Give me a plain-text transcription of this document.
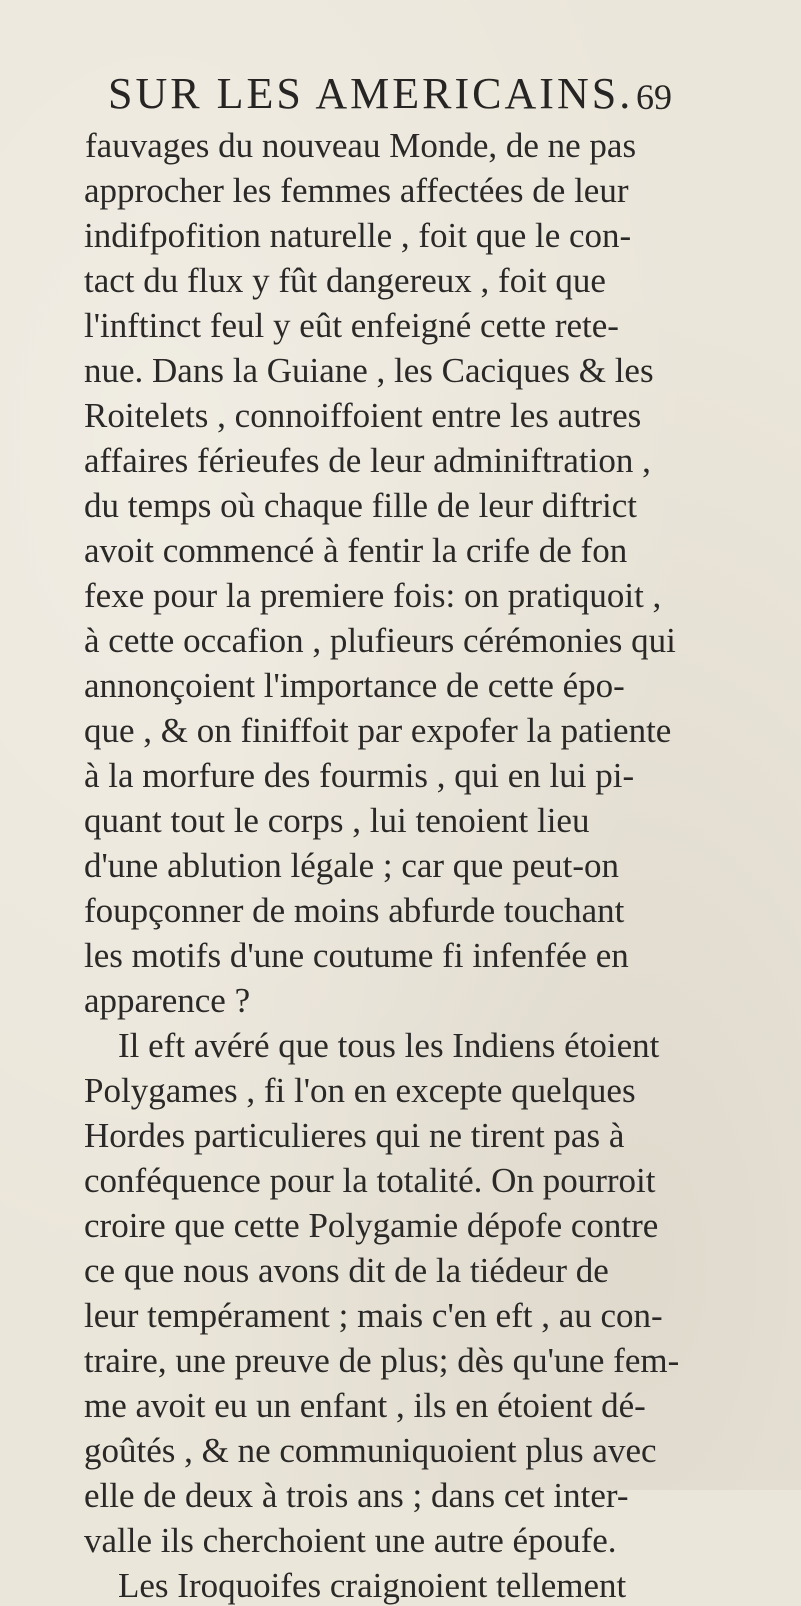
SUR LES AMERICAINS. 69
fauvages du nouveau Monde, de ne pas
approcher les femmes affectées de leur
indifpofition naturelle , foit que le con-
tact du flux y fût dangereux , foit que
l'inftinct feul y eût enfeigné cette rete-
nue. Dans la Guiane , les Caciques & les
Roitelets , connoiffoient entre les autres
affaires férieufes de leur adminiftration ,
du temps où chaque fille de leur diftrict
avoit commencé à fentir la crife de fon
fexe pour la premiere fois: on pratiquoit ,
à cette occafion , plufieurs cérémonies qui
annonçoient l'importance de cette épo-
que , & on finiffoit par expofer la patiente
à la morfure des fourmis , qui en lui pi-
quant tout le corps , lui tenoient lieu
d'une ablution légale ; car que peut-on
foupçonner de moins abfurde touchant
les motifs d'une coutume fi infenfée en
apparence ?
Il eft avéré que tous les Indiens étoient
Polygames , fi l'on en excepte quelques
Hordes particulieres qui ne tirent pas à
conféquence pour la totalité. On pourroit
croire que cette Polygamie dépofe contre
ce que nous avons dit de la tiédeur de
leur tempérament ; mais c'en eft , au con-
traire, une preuve de plus; dès qu'une fem-
me avoit eu un enfant , ils en étoient dé-
goûtés , & ne communiquoient plus avec
elle de deux à trois ans ; dans cet inter-
valle ils cherchoient une autre époufe.
Les Iroquoifes craignoient tellement
